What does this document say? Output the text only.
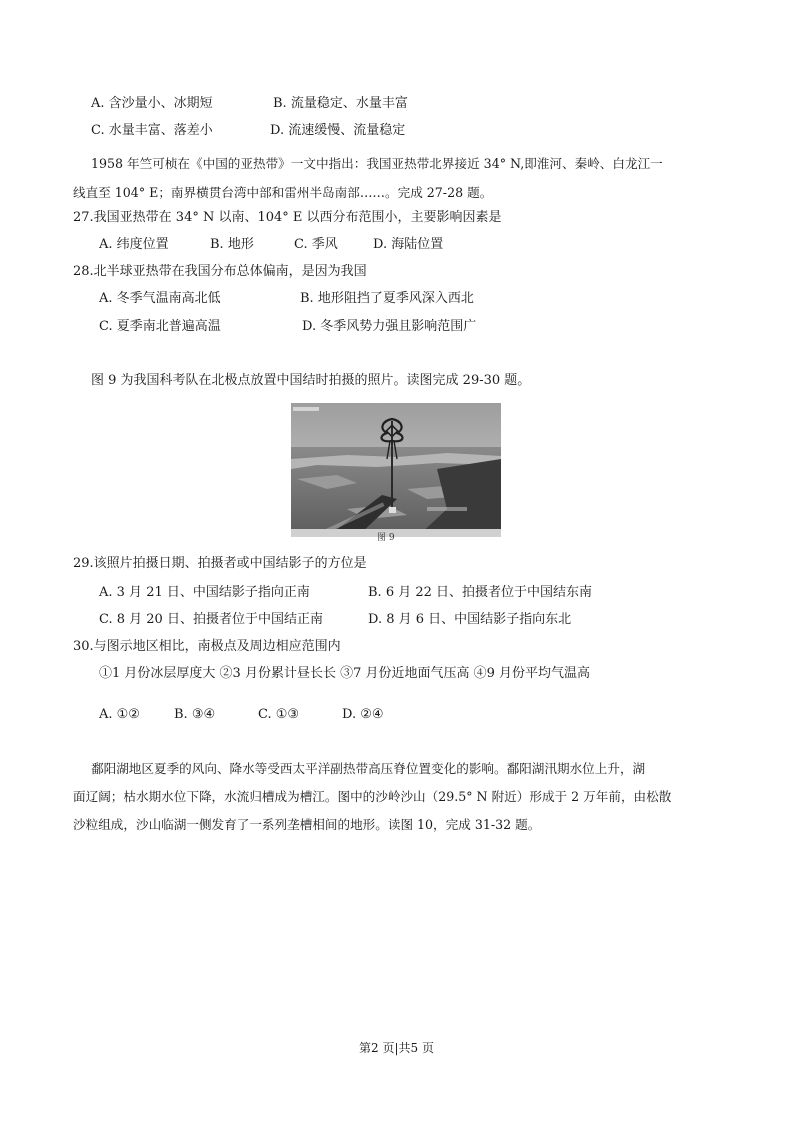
A. 含沙量小、冰期短	B. 流量稳定、水量丰富
C. 水量丰富、落差小	D. 流速缓慢、流量稳定
1958 年竺可桢在《中国的亚热带》一文中指出：我国亚热带北界接近 34° N,即淮河、秦岭、白龙江一
线直至 104° E；南界横贯台湾中部和雷州半岛南部……。完成 27-28 题。
27.我国亚热带在 34° N 以南、104° E 以西分布范围小，主要影响因素是
A. 纬度位置	B. 地形	C. 季风	D. 海陆位置
28.北半球亚热带在我国分布总体偏南，是因为我国
A. 冬季气温南高北低	B. 地形阻挡了夏季风深入西北
C. 夏季南北普遍高温	D. 冬季风势力强且影响范围广
图 9 为我国科考队在北极点放置中国结时拍摄的照片。读图完成 29-30 题。
图 9
29.该照片拍摄日期、拍摄者或中国结影子的方位是
A. 3 月 21 日、中国结影子指向正南	B. 6 月 22 日、拍摄者位于中国结东南
C. 8 月 20 日、拍摄者位于中国结正南	D. 8 月 6 日、中国结影子指向东北
30.与图示地区相比，南极点及周边相应范围内
①1 月份冰层厚度大 ②3 月份累计昼长长 ③7 月份近地面气压高 ④9 月份平均气温高
A. ①②	B. ③④	C. ①③	D. ②④
鄱阳湖地区夏季的风向、降水等受西太平洋副热带高压脊位置变化的影响。鄱阳湖汛期水位上升，湖
面辽阔；枯水期水位下降，水流归槽成为槽江。图中的沙岭沙山（29.5° N 附近）形成于 2 万年前，由松散
沙粒组成，沙山临湖一侧发育了一系列垄槽相间的地形。读图 10，完成 31-32 题。
第2 页|共5 页
